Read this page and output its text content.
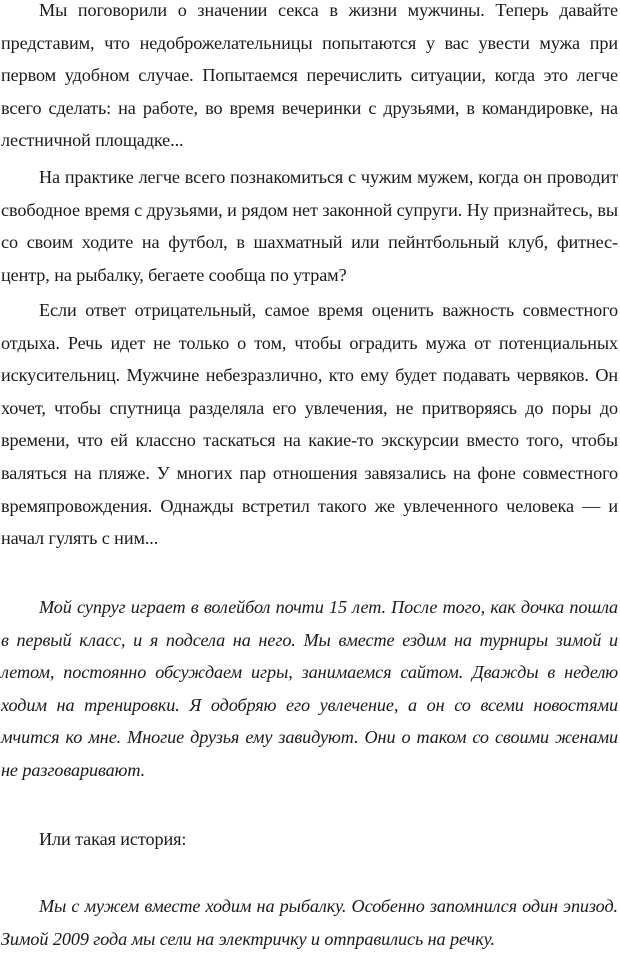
Мы поговорили о значении секса в жизни мужчины. Теперь давайте представим, что недоброжелательницы попытаются у вас увести мужа при первом удобном случае. Попытаемся перечислить ситуации, когда это легче всего сделать: на работе, во время вечеринки с друзьями, в командировке, на лестничной площадке...

На практике легче всего познакомиться с чужим мужем, когда он проводит свободное время с друзьями, и рядом нет законной супруги. Ну признайтесь, вы со своим ходите на футбол, в шахматный или пейнтбольный клуб, фитнес-центр, на рыбалку, бегаете сообща по утрам?

Если ответ отрицательный, самое время оценить важность совместного отдыха. Речь идет не только о том, чтобы оградить мужа от потенциальных искусительниц. Мужчине небезразлично, кто ему будет подавать червяков. Он хочет, чтобы спутница разделяла его увлечения, не притворяясь до поры до времени, что ей классно таскаться на какие-то экскурсии вместо того, чтобы валяться на пляже. У многих пар отношения завязались на фоне совместного времяпровождения. Однажды встретил такого же увлеченного человека — и начал гулять с ним...

Мой супруг играет в волейбол почти 15 лет. После того, как дочка пошла в первый класс, и я подсела на него. Мы вместе ездим на турниры зимой и летом, постоянно обсуждаем игры, занимаемся сайтом. Дважды в неделю ходим на тренировки. Я одобряю его увлечение, а он со всеми новостями мчится ко мне. Многие друзья ему завидуют. Они о таком со своими женами не разговаривают.

Или такая история:

Мы с мужем вместе ходим на рыбалку. Особенно запомнился один эпизод. Зимой 2009 года мы сели на электричку и отправились на речку.
